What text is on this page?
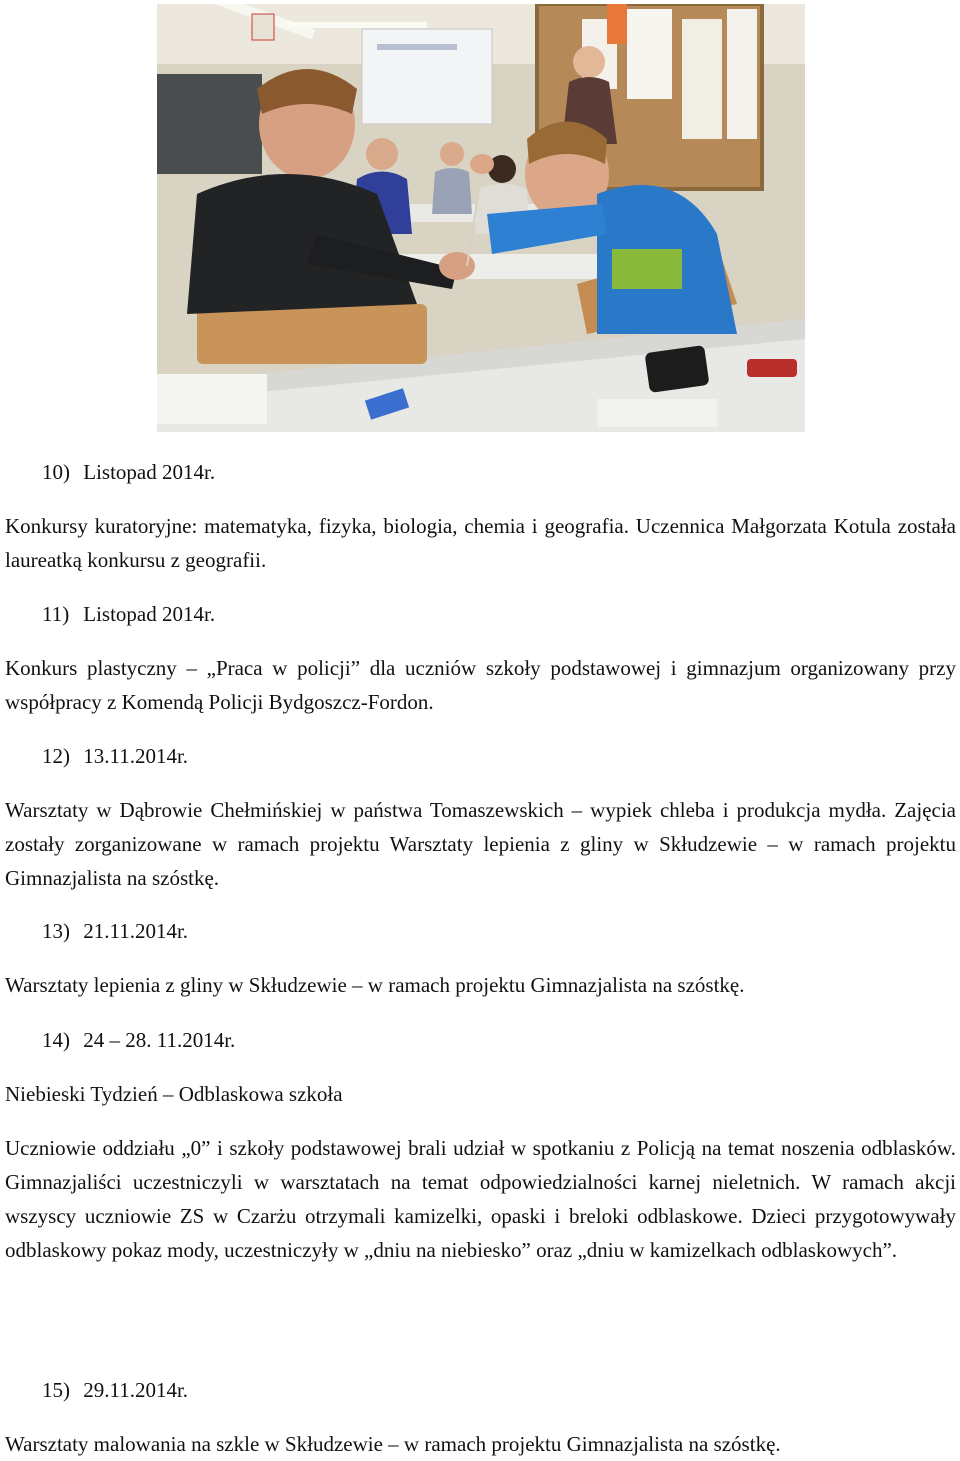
10) Listopad 2014r.
Konkursy kuratoryjne: matematyka, fizyka, biologia, chemia i geografia. Uczennica Małgorzata Kotula została laureatką konkursu z geografii.
11) Listopad 2014r.
Konkurs plastyczny – „Praca w policji” dla uczniów szkoły podstawowej i gimnazjum organizowany przy współpracy z Komendą Policji Bydgoszcz-Fordon.
12) 13.11.2014r.
Warsztaty w Dąbrowie Chełmińskiej w państwa Tomaszewskich – wypiek chleba i produkcja mydła. Zajęcia zostały zorganizowane w ramach projektu Warsztaty lepienia z gliny w Skłudzewie – w ramach projektu Gimnazjalista na szóstkę.
13) 21.11.2014r.
Warsztaty lepienia z gliny w Skłudzewie – w ramach projektu Gimnazjalista na szóstkę.
14) 24 – 28. 11.2014r.
Niebieski Tydzień – Odblaskowa szkoła
Uczniowie oddziału „0” i szkoły podstawowej brali udział w spotkaniu z Policją na temat noszenia odblasków. Gimnazjaliści uczestniczyli w warsztatach na temat odpowiedzialności karnej nieletnich. W ramach akcji wszyscy uczniowie ZS w Czarżu otrzymali kamizelki, opaski i breloki odblaskowe. Dzieci przygotowywały odblaskowy pokaz mody, uczestniczyły w „dniu na niebiesko” oraz „dniu w kamizelkach odblaskowych”.
15) 29.11.2014r.
Warsztaty malowania na szkle w Skłudzewie – w ramach projektu Gimnazjalista na szóstkę.
